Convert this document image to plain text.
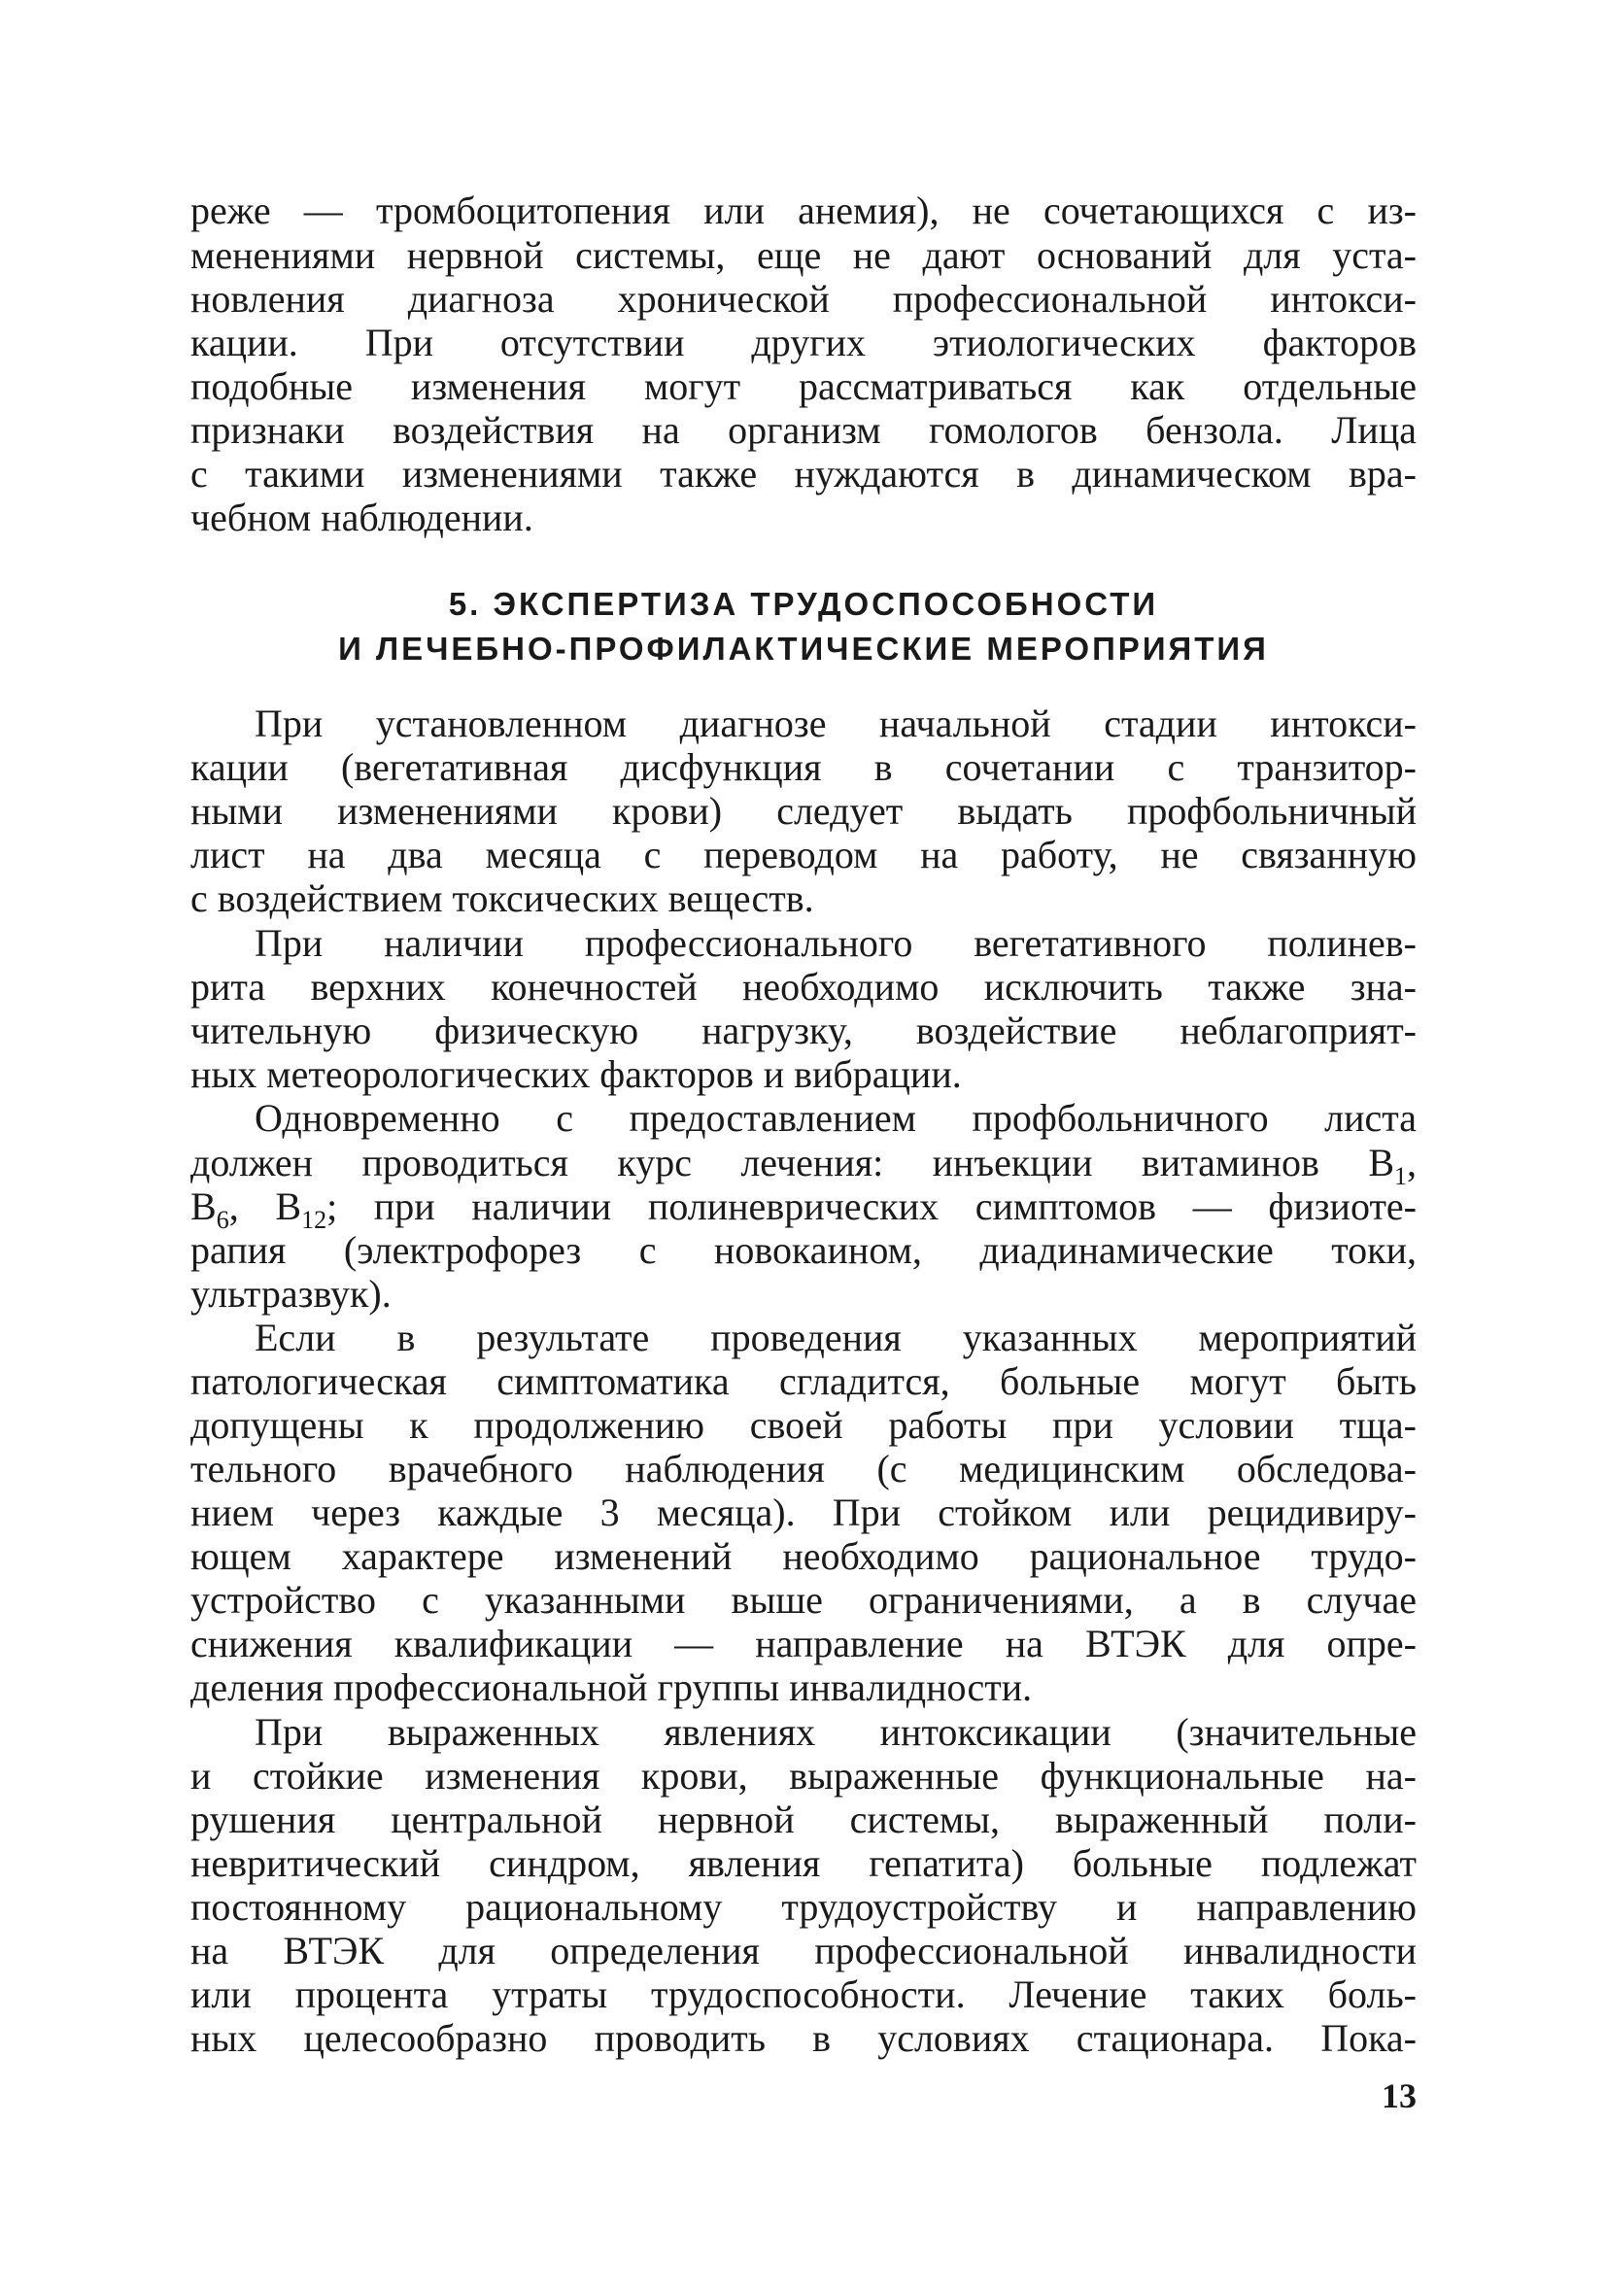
реже — тромбоцитопения или анемия), не сочетающихся с из-
менениями нервной системы, еще не дают оснований для уста-
новления диагноза хронической профессиональной интокси-
кации. При отсутствии других этиологических факторов
подобные изменения могут рассматриваться как отдельные
признаки воздействия на организм гомологов бензола. Лица
с такими изменениями также нуждаются в динамическом вра-
чебном наблюдении.
5. ЭКСПЕРТИЗА ТРУДОСПОСОБНОСТИ
И ЛЕЧЕБНО-ПРОФИЛАКТИЧЕСКИЕ МЕРОПРИЯТИЯ
При установленном диагнозе начальной стадии интокси-
кации (вегетативная дисфункция в сочетании с транзитор-
ными изменениями крови) следует выдать профбольничный
лист на два месяца с переводом на работу, не связанную
с воздействием токсических веществ.
При наличии профессионального вегетативного полинев-
рита верхних конечностей необходимо исключить также зна-
чительную физическую нагрузку, воздействие неблагоприят-
ных метеорологических факторов и вибрации.
Одновременно с предоставлением профбольничного листа
должен проводиться курс лечения: инъекции витаминов $B_1$,
$B_6$, $B_{12}$; при наличии полиневрических симптомов — физиоте-
рапия (электрофорез с новокаином, диадинамические токи,
ультразвук).
Если в результате проведения указанных мероприятий
патологическая симптоматика сгладится, больные могут быть
допущены к продолжению своей работы при условии тща-
тельного врачебного наблюдения (с медицинским обследова-
нием через каждые 3 месяца). При стойком или рецидивиру-
ющем характере изменений необходимо рациональное трудо-
устройство с указанными выше ограничениями, а в случае
снижения квалификации — направление на ВТЭК для опре-
деления профессиональной группы инвалидности.
При выраженных явлениях интоксикации (значительные
и стойкие изменения крови, выраженные функциональные на-
рушения центральной нервной системы, выраженный поли-
невритический синдром, явления гепатита) больные подлежат
постоянному рациональному трудоустройству и направлению
на ВТЭК для определения профессиональной инвалидности
или процента утраты трудоспособности. Лечение таких боль-
ных целесообразно проводить в условиях стационара. Пока-
13
